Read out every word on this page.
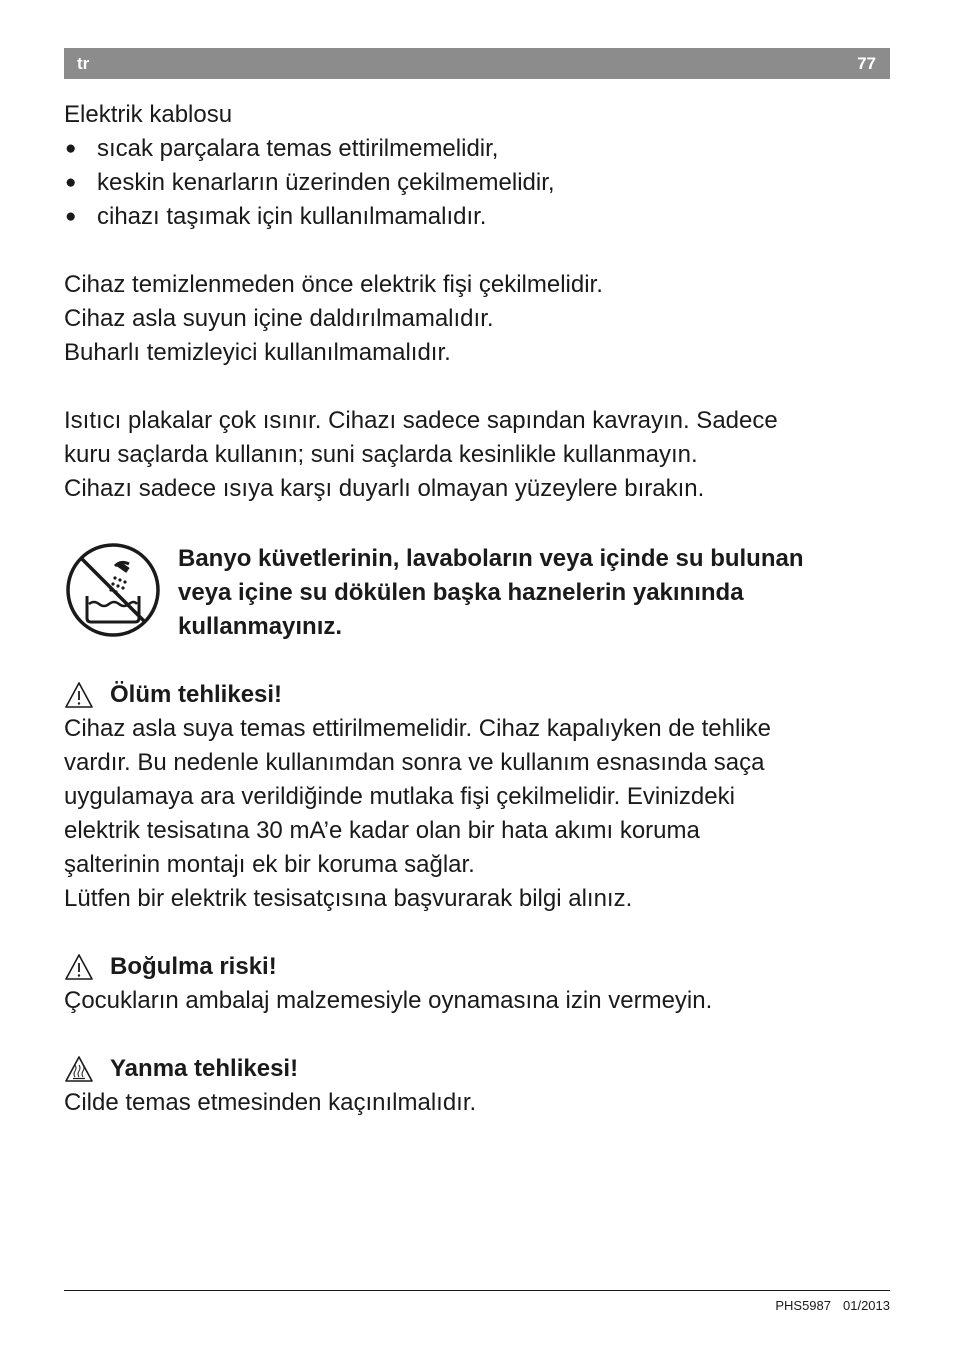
tr	77

Elektrik kablosu

● sıcak parçalara temas ettirilmemelidir,
● keskin kenarların üzerinden çekilmemelidir,
● cihazı taşımak için kullanılmamalıdır.

Cihaz temizlenmeden önce elektrik fişi çekilmelidir.

Cihaz asla suyun içine daldırılmamalıdır.

Buharlı temizleyici kullanılmamalıdır.

Isıtıcı plakalar çok ısınır. Cihazı sadece sapından kavrayın. Sadece

kuru saçlarda kullanın; suni saçlarda kesinlikle kullanmayın.

Cihazı sadece ısıya karşı duyarlı olmayan yüzeylere bırakın.

Banyo küvetlerinin, lavaboların veya içinde su bulunan

veya içine su dökülen başka haznelerin yakınında

kullanmayınız.

Ölüm tehlikesi!

Cihaz asla suya temas ettirilmemelidir. Cihaz kapalıyken de tehlike

vardır. Bu nedenle kullanımdan sonra ve kullanım esnasında saça

uygulamaya ara verildiğinde mutlaka fişi çekilmelidir. Evinizdeki

elektrik tesisatına 30 mA’e kadar olan bir hata akımı koruma

şalterinin montajı ek bir koruma sağlar.

Lütfen bir elektrik tesisatçısına başvurarak bilgi alınız.

Boğulma riski!

Çocukların ambalaj malzemesiyle oynamasına izin vermeyin.

Yanma tehlikesi!

Cilde temas etmesinden kaçınılmalıdır.

PHS5987 01/2013
